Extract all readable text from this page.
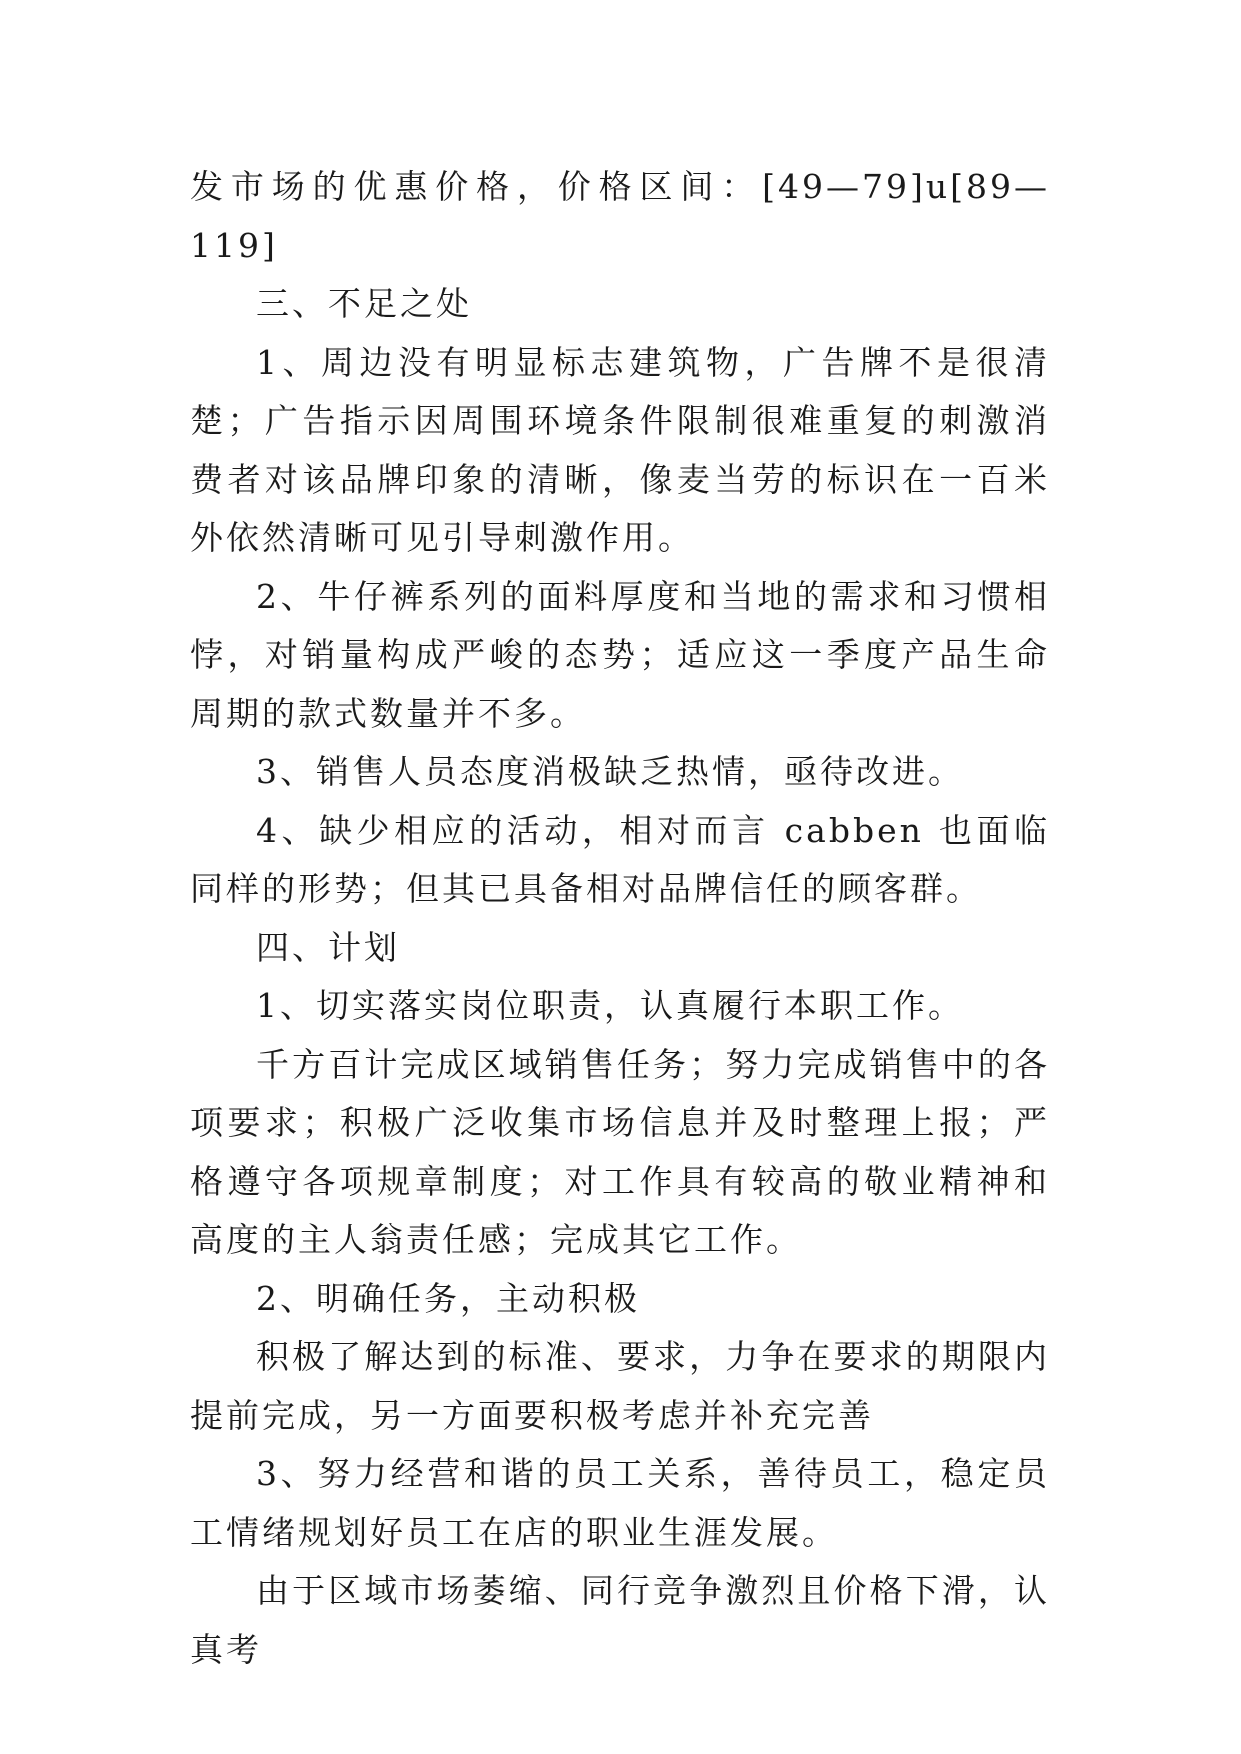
发市场的优惠价格，价格区间：[49—79]u[89—119]

三、不足之处

1、周边没有明显标志建筑物，广告牌不是很清楚；广告指示因周围环境条件限制很难重复的刺激消费者对该品牌印象的清晰，像麦当劳的标识在一百米外依然清晰可见引导刺激作用。

2、牛仔裤系列的面料厚度和当地的需求和习惯相悖，对销量构成严峻的态势；适应这一季度产品生命周期的款式数量并不多。

3、销售人员态度消极缺乏热情，亟待改进。

4、缺少相应的活动，相对而言 cabben 也面临同样的形势；但其已具备相对品牌信任的顾客群。

四、计划

1、切实落实岗位职责，认真履行本职工作。

千方百计完成区域销售任务；努力完成销售中的各项要求；积极广泛收集市场信息并及时整理上报；严格遵守各项规章制度；对工作具有较高的敬业精神和高度的主人翁责任感；完成其它工作。

2、明确任务，主动积极

积极了解达到的标准、要求，力争在要求的期限内提前完成，另一方面要积极考虑并补充完善

3、努力经营和谐的员工关系，善待员工，稳定员工情绪规划好员工在店的职业生涯发展。

由于区域市场萎缩、同行竞争激烈且价格下滑，认真考
